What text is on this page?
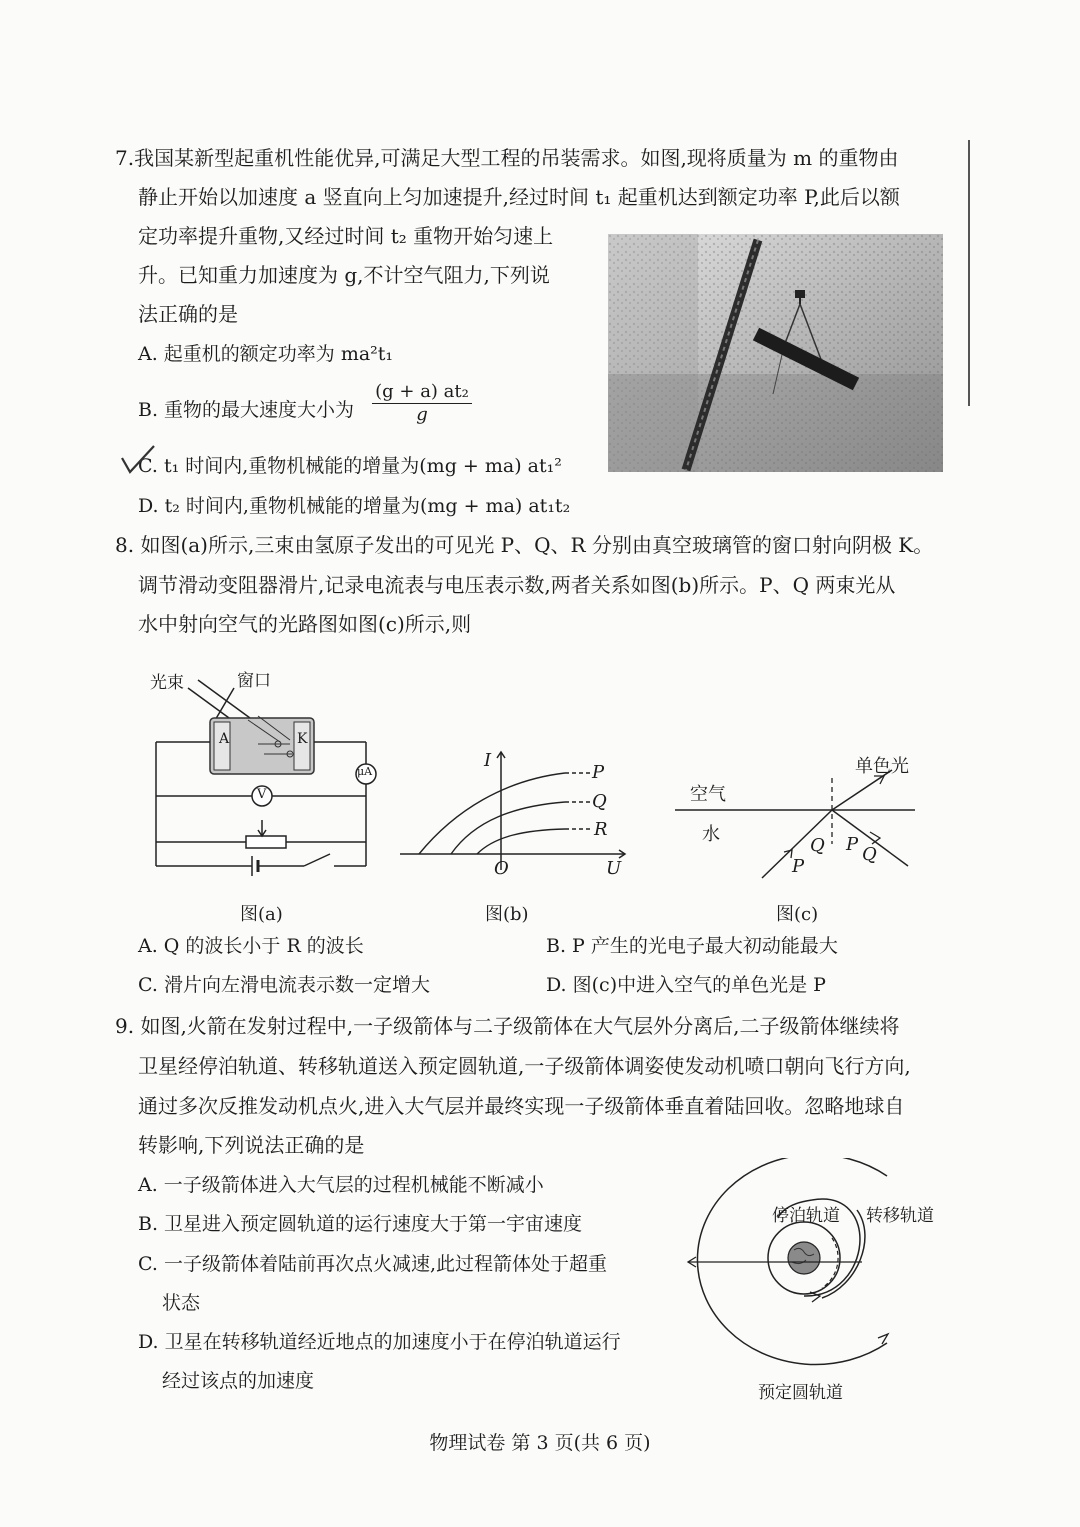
7.我国某新型起重机性能优异,可满足大型工程的吊装需求。如图,现将质量为 m 的重物由
静止开始以加速度 a 竖直向上匀加速提升,经过时间 t₁ 起重机达到额定功率 P,此后以额
定功率提升重物,又经过时间 t₂ 重物开始匀速上
升。已知重力加速度为 g,不计空气阻力,下列说
法正确的是
A. 起重机的额定功率为 ma²t₁
B. 重物的最大速度大小为 $\frac{\text{(g + a) at₂}}{g}$
C. t₁ 时间内,重物机械能的增量为(mg + ma) at₁²
D. t₂ 时间内,重物机械能的增量为(mg + ma) at₁t₂
8. 如图(a)所示,三束由氢原子发出的可见光 P、Q、R 分别由真空玻璃管的窗口射向阴极 K。
调节滑动变阻器滑片,记录电流表与电压表示数,两者关系如图(b)所示。P、Q 两束光从
水中射向空气的光路图如图(c)所示,则
光束	窗口
A	K
μA
V
图(a)
I
U
O
P
Q
R
图(b)
空气
水
单色光
P
Q P Q
图(c)
A. Q 的波长小于 R 的波长	B. P 产生的光电子最大初动能最大
C. 滑片向左滑电流表示数一定增大	D. 图(c)中进入空气的单色光是 P
9. 如图,火箭在发射过程中,一子级箭体与二子级箭体在大气层外分离后,二子级箭体继续将
卫星经停泊轨道、转移轨道送入预定圆轨道,一子级箭体调姿使发动机喷口朝向飞行方向,
通过多次反推发动机点火,进入大气层并最终实现一子级箭体垂直着陆回收。忽略地球自
转影响,下列说法正确的是
A. 一子级箭体进入大气层的过程机械能不断减小
B. 卫星进入预定圆轨道的运行速度大于第一宇宙速度
C. 一子级箭体着陆前再次点火减速,此过程箭体处于超重
状态
D. 卫星在转移轨道经近地点的加速度小于在停泊轨道运行
经过该点的加速度
停泊轨道 转移轨道
预定圆轨道
物理试卷 第 3 页(共 6 页)
